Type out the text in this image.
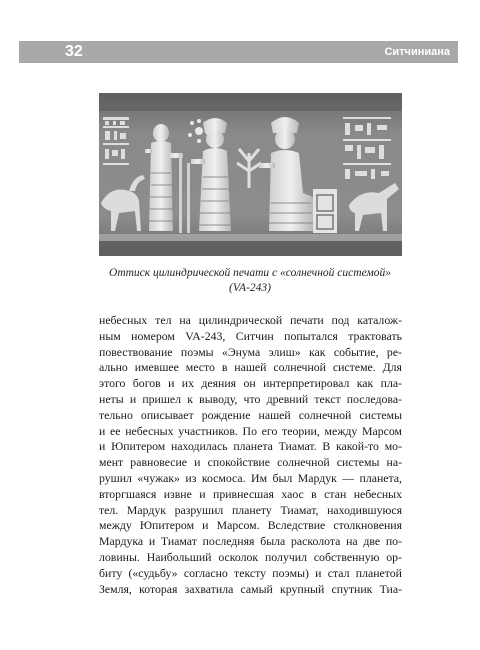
32	Ситчиниана
Оттиск цилиндрической печати с «солнечной системой»
(VA-243)
небесных тел на цилиндрической печати под каталож-
ным номером VA-243, Ситчин попытался трактовать
повествование поэмы «Энума элиш» как событие, ре-
ально имевшее место в нашей солнечной системе. Для
этого богов и их деяния он интерпретировал как пла-
неты и пришел к выводу, что древний текст последова-
тельно описывает рождение нашей солнечной системы
и ее небесных участников. По его теории, между Марсом
и Юпитером находилась планета Тиамат. В какой-то мо-
мент равновесие и спокойствие солнечной системы на-
рушил «чужак» из космоса. Им был Мардук — планета,
вторгшаяся извне и привнесшая хаос в стан небесных
тел. Мардук разрушил планету Тиамат, находившуюся
между Юпитером и Марсом. Вследствие столкновения
Мардука и Тиамат последняя была расколота на две по-
ловины. Наибольший осколок получил собственную ор-
биту («судьбу» согласно тексту поэмы) и стал планетой
Земля, которая захватила самый крупный спутник Тиа-
